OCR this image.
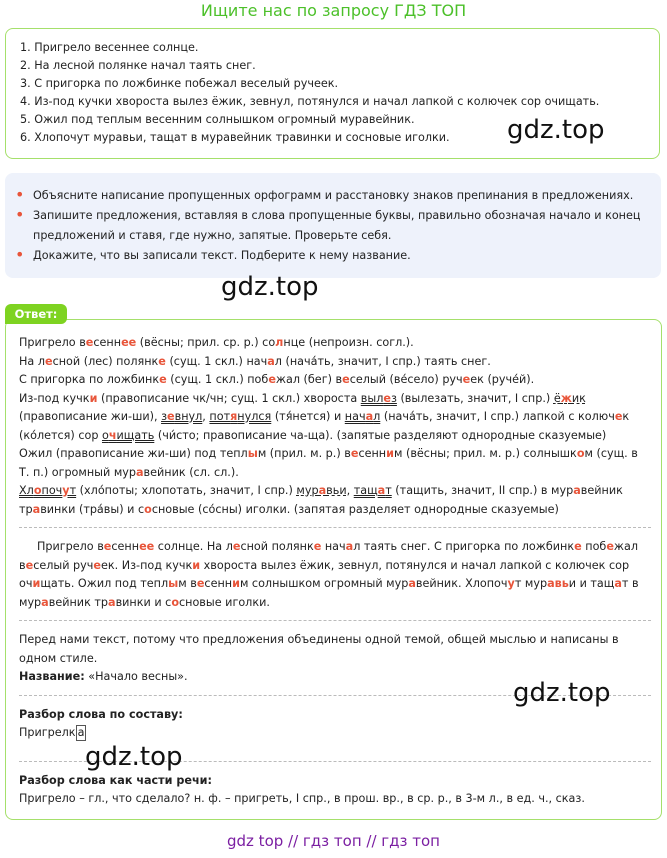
Ищите нас по запросу ГДЗ ТОП

1. Пригрело весеннее солнце.

2. На лесной полянке начал таять снег.

3. С пригорка по ложбинке побежал веселый ручеек.

4. Из-под кучки хвороста вылез ёжик, зевнул, потянулся и начал лапкой с колючек сор очищать.

5. Ожил под теплым весенним солнышком огромный муравейник.

6. Хлопочут муравьи, тащат в муравейник травинки и сосновые иголки.	gdz.top
• Объясните написание пропущенных орфограмм и расстановку знаков препинания в предложениях.
• Запишите предложения, вставляя в слова пропущенные буквы, правильно обозначая начало и конец предложений и ставя, где нужно, запятые. Проверьте себя.
• Докажите, что вы записали текст. Подберите к нему название.
gdz.top
Ответ:

Пригрело весеннее (вёсны; прил. ср. р.) солнце (непроизн. согл.).

На лесной (лес) полянке (сущ. 1 скл.) начал (нача́ть, значит, I спр.) таять снег.

С пригорка по ложбинке (сущ. 1 скл.) побежал (бег) веселый (ве́село) ручеек (руче́й).

Из-под кучки (правописание чк/чн; сущ. 1 скл.) хвороста вылез (вылезать, значит, I спр.) ёжик (правописание жи-ши), зевнул, потянулся (тя́нется) и начал (нача́ть, значит, I спр.) лапкой с колючек (ко́лется) сор очищать (чи́сто; правописание ча-ща). (запятые разделяют однородные сказуемые)

Ожил (правописание жи-ши) под теплым (прил. м. р.) весенним (вёсны; прил. м. р.) солнышком (сущ. в Т. п.) огромный муравейник (сл. сл.).

Хлопочут (хло́поты; хлопотать, значит, I спр.) муравьи, тащат (тащить, значит, II спр.) в муравейник травинки (тра́вы) и сосновые (со́сны) иголки. (запятая разделяет однородные сказуемые)

Пригрело весеннее солнце. На лесной полянке начал таять снег. С пригорка по ложбинке побежал веселый ручеек. Из-под кучки хвороста вылез ёжик, зевнул, потянулся и начал лапкой с колючек сор очищать. Ожил под теплым весенним солнышком огромный муравейник. Хлопочут муравьи и тащат в муравейник травинки и сосновые иголки.

Перед нами текст, потому что предложения объединены одной темой, общей мыслью и написаны в одном стиле.

Название: «Начало весны».

Разбор слова по составу:

Пригрелк а

Разбор слова как части речи:

Пригрело – гл., что сделало? н. ф. – пригреть, I спр., в прош. вр., в ср. р., в 3-м л., в ед. ч., сказ.

gdz.top
gdz.top
gdz top // гдз топ // гдз топ
